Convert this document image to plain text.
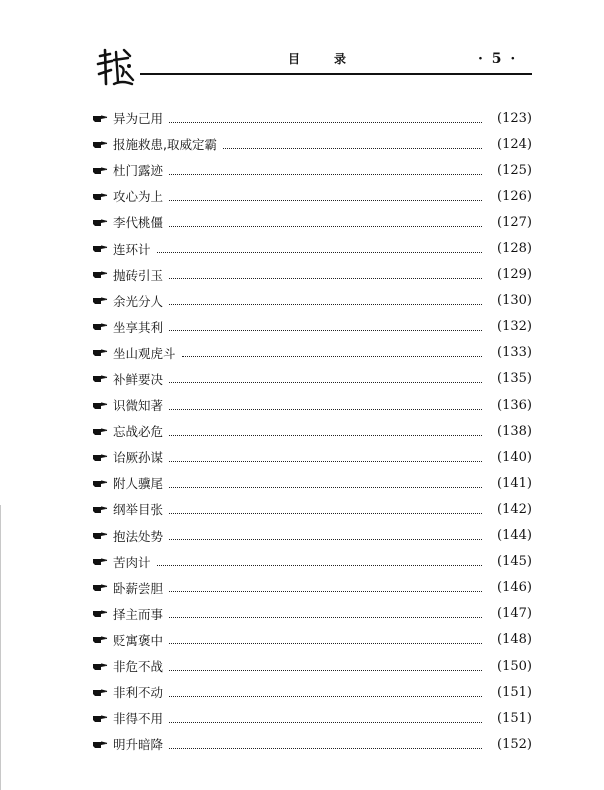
目录	· 5 ·
异为己用	(123)
报施救患,取威定霸	(124)
杜门露迹	(125)
攻心为上	(126)
李代桃僵	(127)
连环计	(128)
抛砖引玉	(129)
余光分人	(130)
坐享其利	(132)
坐山观虎斗	(133)
补鲜要决	(135)
识微知著	(136)
忘战必危	(138)
诒厥孙谋	(140)
附人骥尾	(141)
纲举目张	(142)
抱法处势	(144)
苦肉计	(145)
卧薪尝胆	(146)
择主而事	(147)
贬寓褒中	(148)
非危不战	(150)
非利不动	(151)
非得不用	(151)
明升暗降	(152)
